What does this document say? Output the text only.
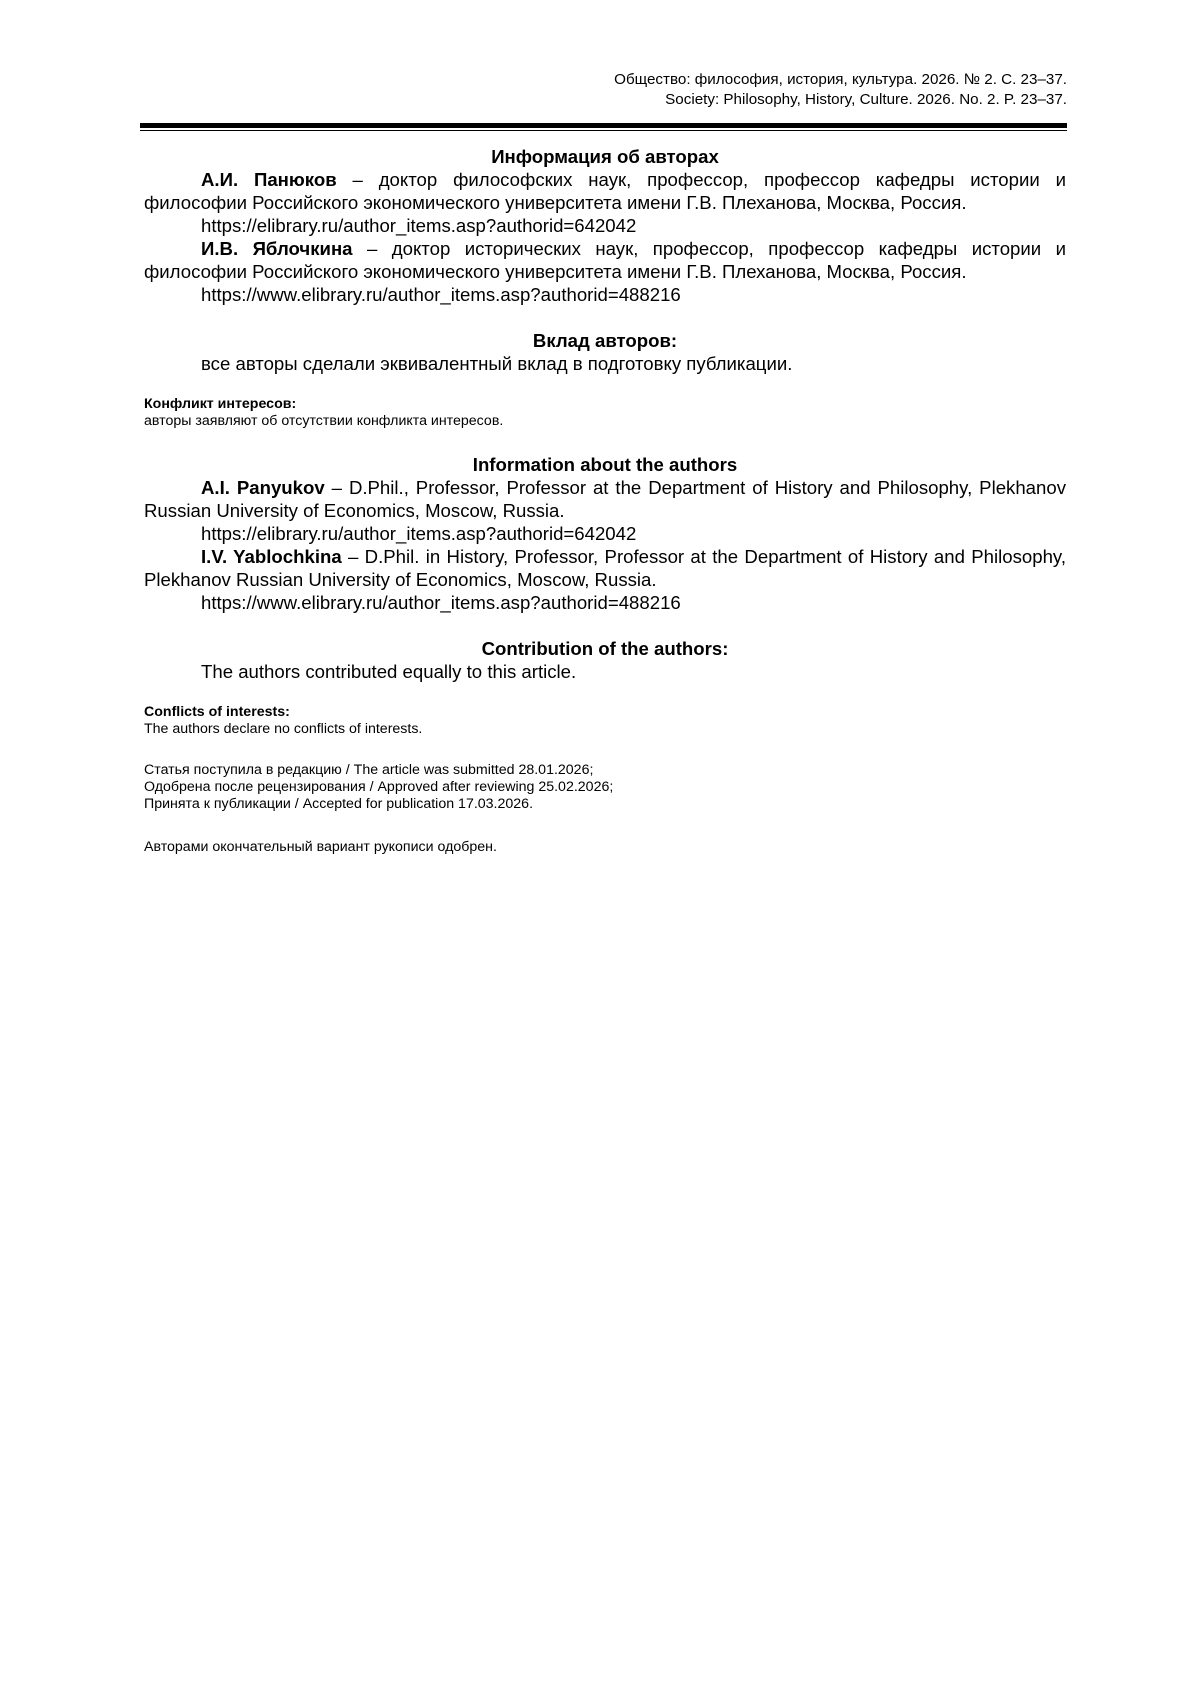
Общество: философия, история, культура. 2026. № 2. С. 23–37.
Society: Philosophy, History, Culture. 2026. No. 2. P. 23–37.

Информация об авторах

А.И. Панюков – доктор философских наук, профессор, профессор кафедры истории и философии Российского экономического университета имени Г.В. Плеханова, Москва, Россия.

https://elibrary.ru/author_items.asp?authorid=642042

И.В. Яблочкина – доктор исторических наук, профессор, профессор кафедры истории и философии Российского экономического университета имени Г.В. Плеханова, Москва, Россия.

https://www.elibrary.ru/author_items.asp?authorid=488216

Вклад авторов:

все авторы сделали эквивалентный вклад в подготовку публикации.

Конфликт интересов:

авторы заявляют об отсутствии конфликта интересов.

Information about the authors

A.I. Panyukov – D.Phil., Professor, Professor at the Department of History and Philosophy, Plekhanov Russian University of Economics, Moscow, Russia.

https://elibrary.ru/author_items.asp?authorid=642042

I.V. Yablochkina – D.Phil. in History, Professor, Professor at the Department of History and Philosophy, Plekhanov Russian University of Economics, Moscow, Russia.

https://www.elibrary.ru/author_items.asp?authorid=488216

Contribution of the authors:

The authors contributed equally to this article.

Conflicts of interests:

The authors declare no conflicts of interests.

Статья поступила в редакцию / The article was submitted 28.01.2026;

Одобрена после рецензирования / Approved after reviewing 25.02.2026;

Принята к публикации / Accepted for publication 17.03.2026.

Авторами окончательный вариант рукописи одобрен.
